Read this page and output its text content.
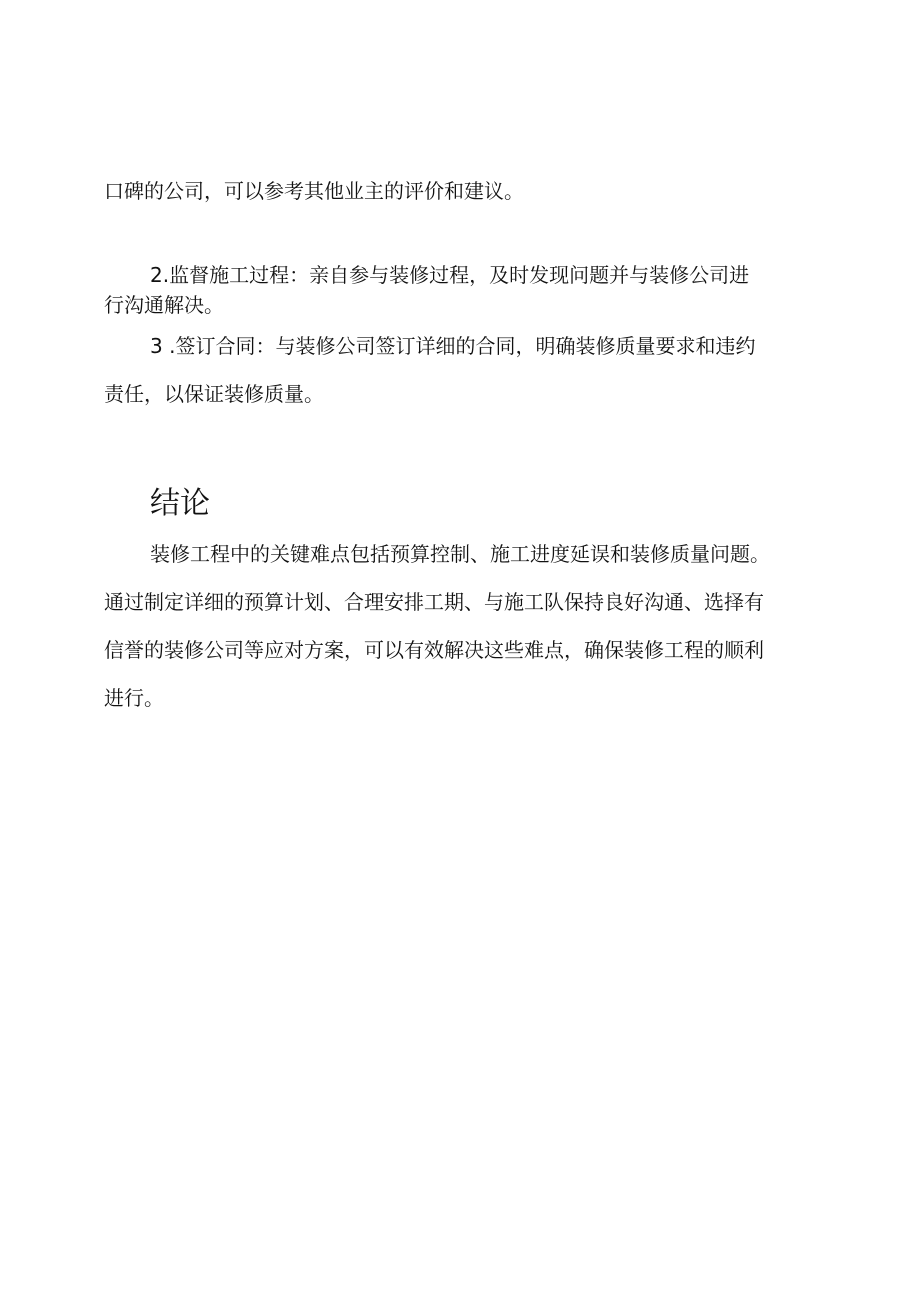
口碑的公司，可以参考其他业主的评价和建议。
2.监督施工过程：亲自参与装修过程，及时发现问题并与装修公司进
行沟通解决。
3 .签订合同：与装修公司签订详细的合同，明确装修质量要求和违约
责任，以保证装修质量。
结论
装修工程中的关键难点包括预算控制、施工进度延误和装修质量问题。
通过制定详细的预算计划、合理安排工期、与施工队保持良好沟通、选择有
信誉的装修公司等应对方案，可以有效解决这些难点，确保装修工程的顺利
进行。
